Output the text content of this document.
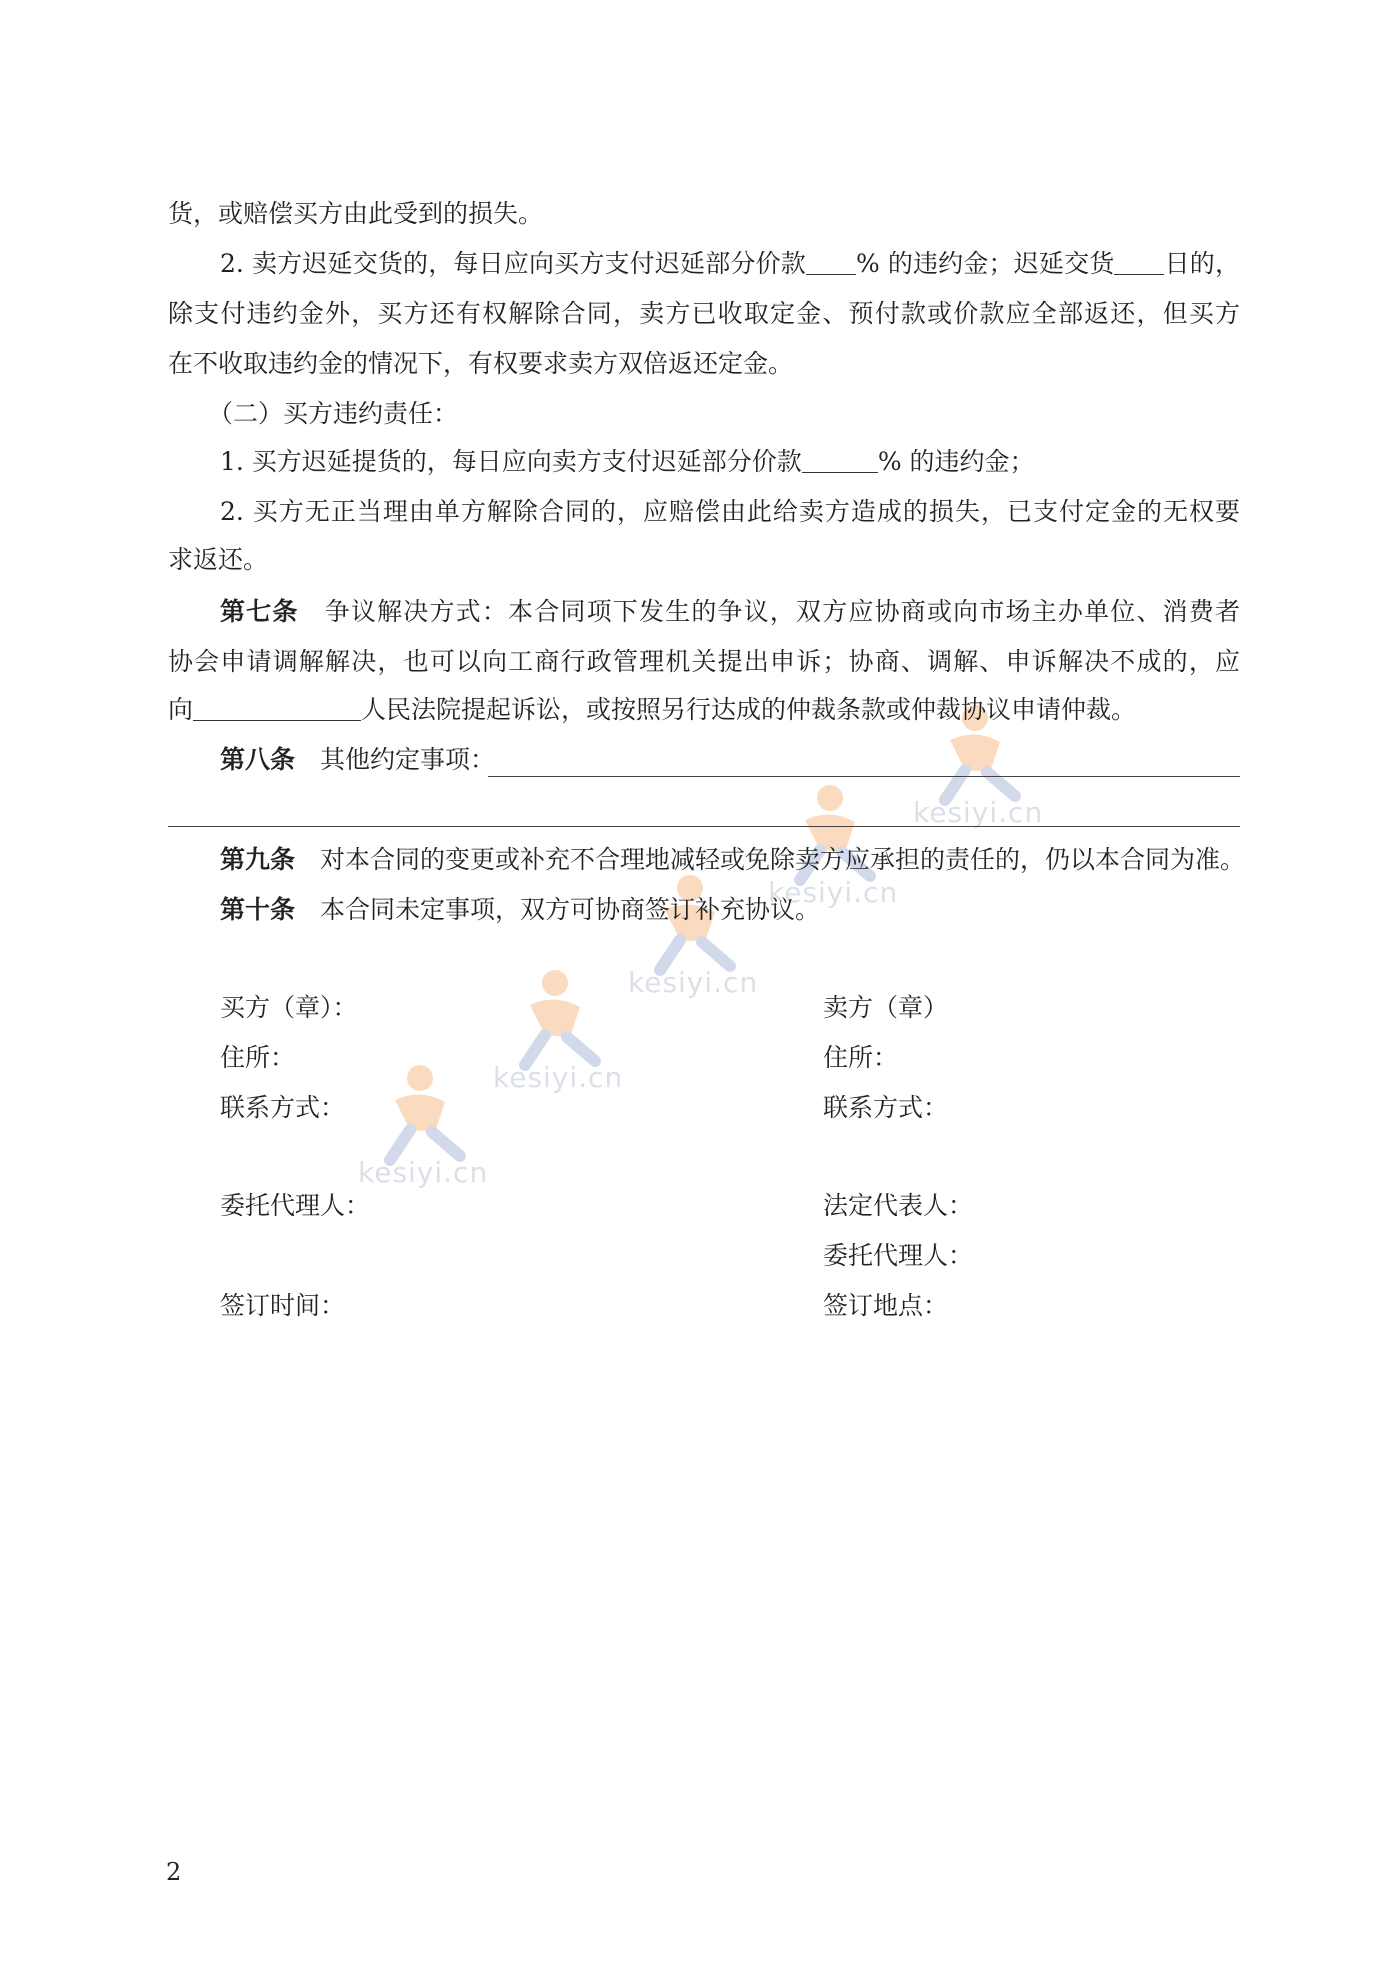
kesiyi.cn
kesiyi.cn
kesiyi.cn
kesiyi.cn
kesiyi.cn
货，或赔偿买方由此受到的损失。
2. 卖方迟延交货的，每日应向买方支付迟延部分价款 % 的违约金；迟延交货 日的，
除支付违约金外，买方还有权解除合同，卖方已收取定金、预付款或价款应全部返还，但买方
在不收取违约金的情况下，有权要求卖方双倍返还定金。
（二）买方违约责任：
1. 买方迟延提货的，每日应向卖方支付迟延部分价款	% 的违约金；
2. 买方无正当理由单方解除合同的，应赔偿由此给卖方造成的损失，已支付定金的无权要
求返还。
第七条  争议解决方式：本合同项下发生的争议，双方应协商或向市场主办单位、消费者
协会申请调解解决，也可以向工商行政管理机关提出申诉；协商、调解、申诉解决不成的，应
向	人民法院提起诉讼，或按照另行达成的仲裁条款或仲裁协议申请仲裁。
第八条  其他约定事项：
第九条  对本合同的变更或补充不合理地减轻或免除卖方应承担的责任的，仍以本合同为准。
第十条  本合同未定事项，双方可协商签订补充协议。
买方（章）：
住所：
联系方式：
委托代理人：
签订时间：
卖方（章）
住所：
联系方式：
法定代表人：
委托代理人：
签订地点：
2
